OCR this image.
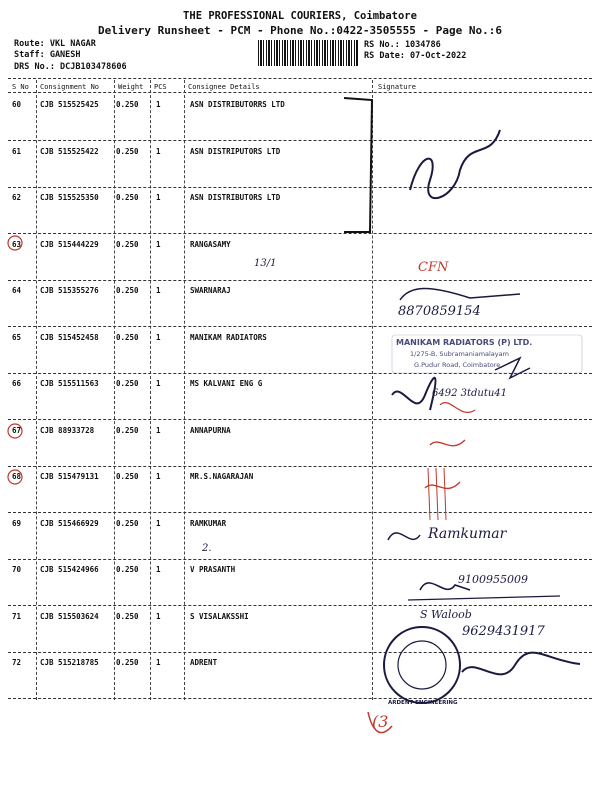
THE PROFESSIONAL COURIERS, Coimbatore
Delivery Runsheet - PCM - Phone No.:0422-3505555 - Page No.:6
Route: VKL NAGAR
Staff: GANESH
DRS No.: DCJB103478606
RS No.: 1034786
RS Date: 07-Oct-2022
S No Consignment No	Weight PCS	Consignee Details	Signature
60	CJB 515525425 0.250 1	ASN DISTRIBUTORRS LTD
61	CJB 515525422 0.250 1	ASN DISTRIPUTORS LTD
62	CJB 515525350 0.250 1	ASN DISTRIBUTORS LTD
63	CJB 515444229 0.250 1	RANGASAMY
64	CJB 515355276 0.250 1	SWARNARAJ
65	CJB 515452458 0.250 1	MANIKAM RADIATORS
66	CJB 515511563 0.250 1	MS KALVANI ENG G
67	CJB 88933728	0.250 1	ANNAPURNA
68	CJB 515479131 0.250 1	MR.S.NAGARAJAN
69	CJB 515466929 0.250 1	RAMKUMAR
70	CJB 515424966 0.250 1	V PRASANTH
71	CJB 515503624 0.250 1	S VISALAKSSHI
72	CJB 515218785 0.250 1	ADRENT
13/1
2.
CFN
8870859154
6492 3tdutu41
Ramkumar
9100955009
S Waloob
9629431917
(3
MANIKAM RADIATORS (P) LTD.
1/275-B, Subramaniamalayam
G.Pudur Road, Coimbatore
ARDENT ENGINEERING
